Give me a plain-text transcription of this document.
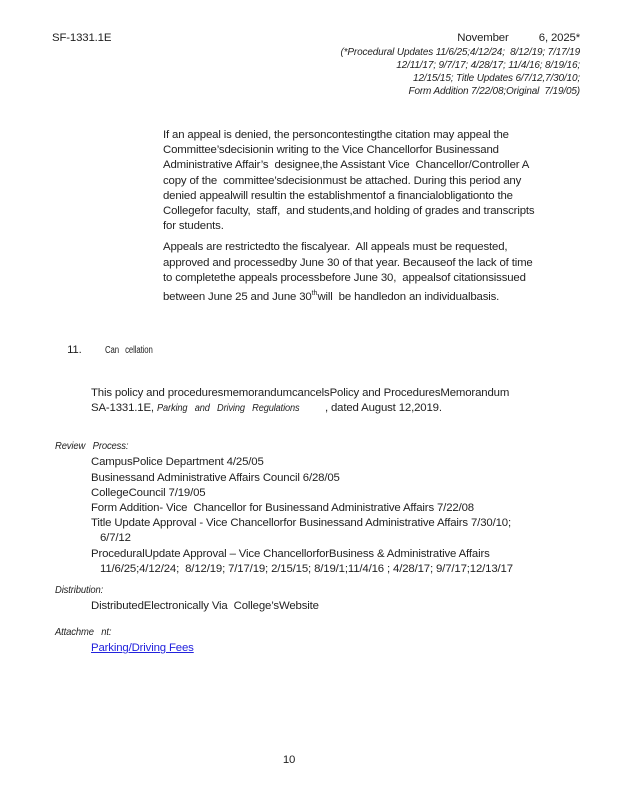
SF-1331.1E	November          6, 2025*
(*Procedural Updates 11/6/25;4/12/24;  8/12/19; 7/17/19
12/11/17; 9/7/17; 4/28/17; 11/4/16; 8/19/16;
12/15/15; Title Updates 6/7/12,7/30/10;
Form Addition 7/22/08;Original  7/19/05)
If an appeal is denied, the personcontestingthe citation may appeal the
Committee’sdecisionin writing to the Vice Chancellorfor Businessand
Administrative Affair’s  designee,the Assistant Vice  Chancellor/Controller A
copy of the  committee’sdecisionmust be attached. During this period any
denied appealwill resultin the establishmentof a financialobligationto the
Collegefor faculty,  staff,  and students,and holding of grades and transcripts
for students.
Appeals are restrictedto the fiscalyear.  All appeals must be requested,
approved and processedby June 30 of that year. Becauseof the lack of time
to completethe appeals processbefore June 30,  appealsof citationsissued
between June 25 and June 30thwill  be handledon an individualbasis.

11. Can   cellation

This policy and proceduresmemorandumcancelsPolicy and ProceduresMemorandum
SA-1331.1E, Parking   and   Driving   Regulations  , dated August 12,2019.
Review   Process:
CampusPolice Department 4/25/05
Businessand Administrative Affairs Council 6/28/05
CollegeCouncil 7/19/05
Form Addition- Vice  Chancellor for Businessand Administrative Affairs 7/22/08
Title Update Approval - Vice Chancellorfor Businessand Administrative Affairs 7/30/10;
6/7/12
ProceduralUpdate Approval – Vice ChancellorforBusiness & Administrative Affairs
11/6/25;4/12/24;  8/12/19; 7/17/19; 2/15/15; 8/19/1;11/4/16 ; 4/28/17; 9/7/17;12/13/17
Distribution:
DistributedElectronically Via  College’sWebsite
Attachme   nt:
Parking/Driving Fees
10
